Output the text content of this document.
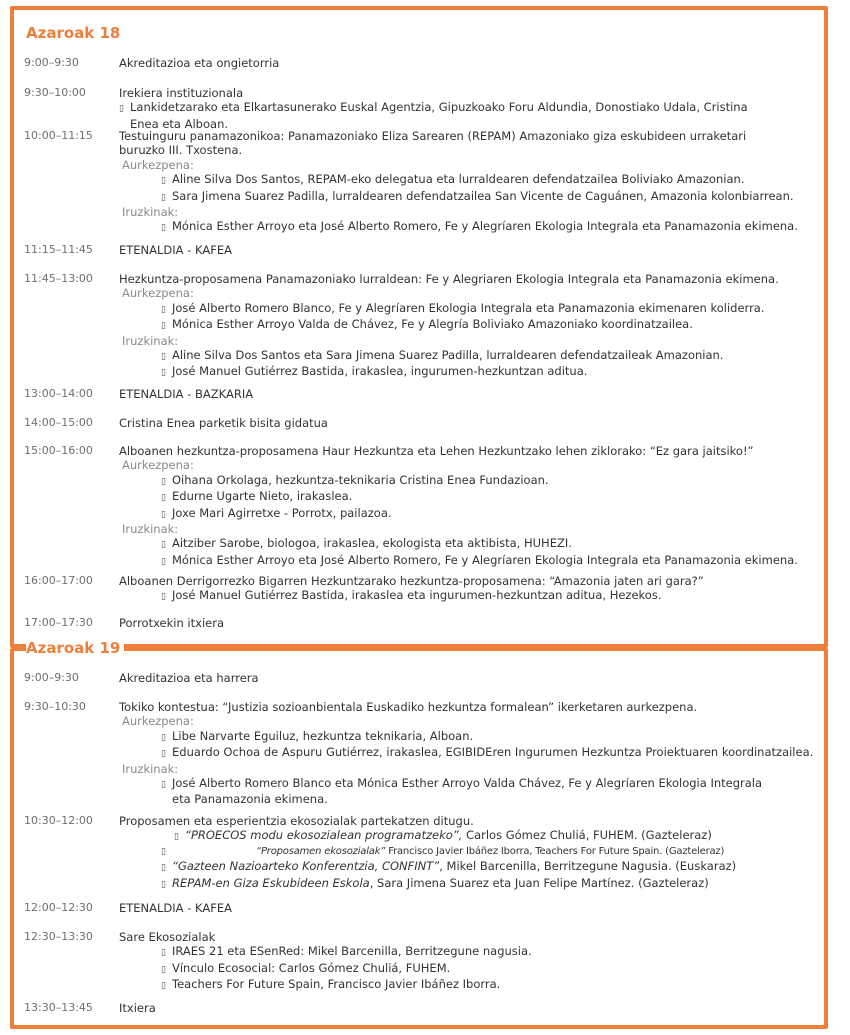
Azaroak 18
9:00–9:30	Akreditazioa eta ongietorria
9:30–10:00	Irekiera instituzionala
▯ Lankidetzarako eta Elkartasunerako Euskal Agentzia, Gipuzkoako Foru Aldundia, Donostiako Udala, Cristina
Enea eta Alboan.
10:00–11:15	Testuinguru panamazonikoa: Panamazoniako Eliza Sarearen (REPAM) Amazoniako giza eskubideen urraketari
buruzko III. Txostena.
Aurkezpena:
▯ Aline Silva Dos Santos, REPAM-eko delegatua eta lurraldearen defendatzailea Boliviako Amazonian.
▯ Sara Jimena Suarez Padilla, lurraldearen defendatzailea San Vicente de Caguánen, Amazonia kolonbiarrean.
Iruzkinak:
▯ Mónica Esther Arroyo eta José Alberto Romero, Fe y Alegríaren Ekologia Integrala eta Panamazonia ekimena.
11:15–11:45	ETENALDIA - KAFEA
11:45–13:00	Hezkuntza-proposamena Panamazoniako lurraldean: Fe y Alegriaren Ekologia Integrala eta Panamazonia ekimena.
Aurkezpena:
▯ José Alberto Romero Blanco, Fe y Alegríaren Ekologia Integrala eta Panamazonia ekimenaren koliderra.
▯ Mónica Esther Arroyo Valda de Chávez, Fe y Alegría Boliviako Amazoniako koordinatzailea.
Iruzkinak:
▯ Aline Silva Dos Santos eta Sara Jimena Suarez Padilla, lurraldearen defendatzaileak Amazonian.
▯ José Manuel Gutiérrez Bastida, irakaslea, ingurumen-hezkuntzan aditua.
13:00–14:00	ETENALDIA - BAZKARIA
14:00–15:00	Cristina Enea parketik bisita gidatua
15:00–16:00	Alboanen hezkuntza-proposamena Haur Hezkuntza eta Lehen Hezkuntzako lehen ziklorako: “Ez gara jaitsiko!”
Aurkezpena:
▯ Oihana Orkolaga, hezkuntza-teknikaria Cristina Enea Fundazioan.
▯ Edurne Ugarte Nieto, irakaslea.
▯ Joxe Mari Agirretxe - Porrotx, pailazoa.
Iruzkinak:
▯ Aitziber Sarobe, biologoa, irakaslea, ekologista eta aktibista, HUHEZI.
▯ Mónica Esther Arroyo eta José Alberto Romero, Fe y Alegríaren Ekologia Integrala eta Panamazonia ekimena.
16:00–17:00	Alboanen Derrigorrezko Bigarren Hezkuntzarako hezkuntza-proposamena: “Amazonia jaten ari gara?”
▯ José Manuel Gutiérrez Bastida, irakaslea eta ingurumen-hezkuntzan aditua, Hezekos.
17:00–17:30	Porrotxekin itxiera
Azaroak 19
9:00–9:30	Akreditazioa eta harrera
9:30–10:30	Tokiko kontestua: “Justizia sozioanbientala Euskadiko hezkuntza formalean” ikerketaren aurkezpena.
Aurkezpena:
▯ Libe Narvarte Eguiluz, hezkuntza teknikaria, Alboan.
▯ Eduardo Ochoa de Aspuru Gutiérrez, irakaslea, EGIBIDEren Ingurumen Hezkuntza Proiektuaren koordinatzailea.
Iruzkinak:
▯ José Alberto Romero Blanco eta Mónica Esther Arroyo Valda Chávez, Fe y Alegríaren Ekologia Integrala
eta Panamazonia ekimena.
10:30–12:00	Proposamen eta esperientzia ekosozialak partekatzen ditugu.
▯ “PROECOS modu ekosozialean programatzeko”, Carlos Gómez Chuliá, FUHEM. (Gazteleraz)
▯	“Proposamen ekosozialak” Francisco Javier Ibáñez Iborra, Teachers For Future Spain. (Gazteleraz)
▯ “Gazteen Nazioarteko Konferentzia, CONFINT”, Mikel Barcenilla, Berritzegune Nagusia. (Euskaraz)
▯ REPAM-en Giza Eskubideen Eskola, Sara Jimena Suarez eta Juan Felipe Martínez. (Gazteleraz)
12:00–12:30	ETENALDIA - KAFEA
12:30–13:30	Sare Ekosozialak
▯ IRAES 21 eta ESenRed: Mikel Barcenilla, Berritzegune nagusia.
▯ Vínculo Ecosocial: Carlos Gómez Chuliá, FUHEM.
▯ Teachers For Future Spain, Francisco Javier Ibáñez Iborra.
13:30–13:45	Itxiera
